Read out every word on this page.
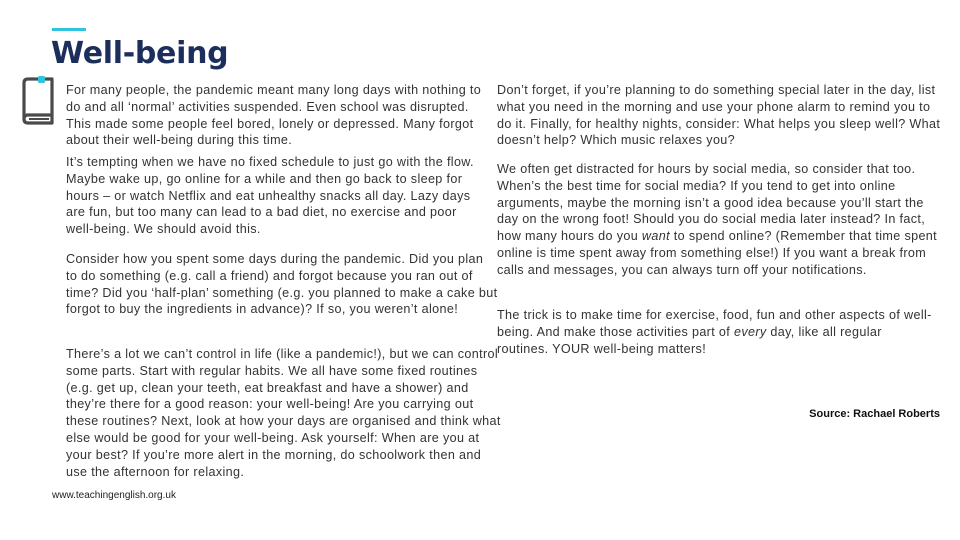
Well-being

For many people, the pandemic meant many long days with nothing to do and all ‘normal’ activities suspended. Even school was disrupted. This made some people feel bored, lonely or depressed. Many forgot about their well-being during this time.

It’s tempting when we have no fixed schedule to just go with the flow. Maybe wake up, go online for a while and then go back to sleep for hours – or watch Netflix and eat unhealthy snacks all day. Lazy days are fun, but too many can lead to a bad diet, no exercise and poor well-being. We should avoid this.

Consider how you spent some days during the pandemic. Did you plan to do something (e.g. call a friend) and forgot because you ran out of time? Did you ‘half-plan’ something (e.g. you planned to make a cake but forgot to buy the ingredients in advance)? If so, you weren’t alone!

There’s a lot we can’t control in life (like a pandemic!), but we can control some parts. Start with regular habits. We all have some fixed routines (e.g. get up, clean your teeth, eat breakfast and have a shower) and they’re there for a good reason: your well-being! Are you carrying out these routines? Next, look at how your days are organised and think what else would be good for your well-being. Ask yourself: When are you at your best? If you’re more alert in the morning, do schoolwork then and use the afternoon for relaxing.

Don’t forget, if you’re planning to do something special later in the day, list what you need in the morning and use your phone alarm to remind you to do it. Finally, for healthy nights, consider: What helps you sleep well? What doesn’t help? Which music relaxes you?

We often get distracted for hours by social media, so consider that too. When’s the best time for social media? If you tend to get into online arguments, maybe the morning isn’t a good idea because you’ll start the day on the wrong foot! Should you do social media later instead? In fact, how many hours do you want to spend online? (Remember that time spent online is time spent away from something else!) If you want a break from calls and messages, you can always turn off your notifications.

The trick is to make time for exercise, food, fun and other aspects of well-being. And make those activities part of every day, like all regular routines. YOUR well-being matters!

Source: Rachael Roberts
www.teachingenglish.org.uk
